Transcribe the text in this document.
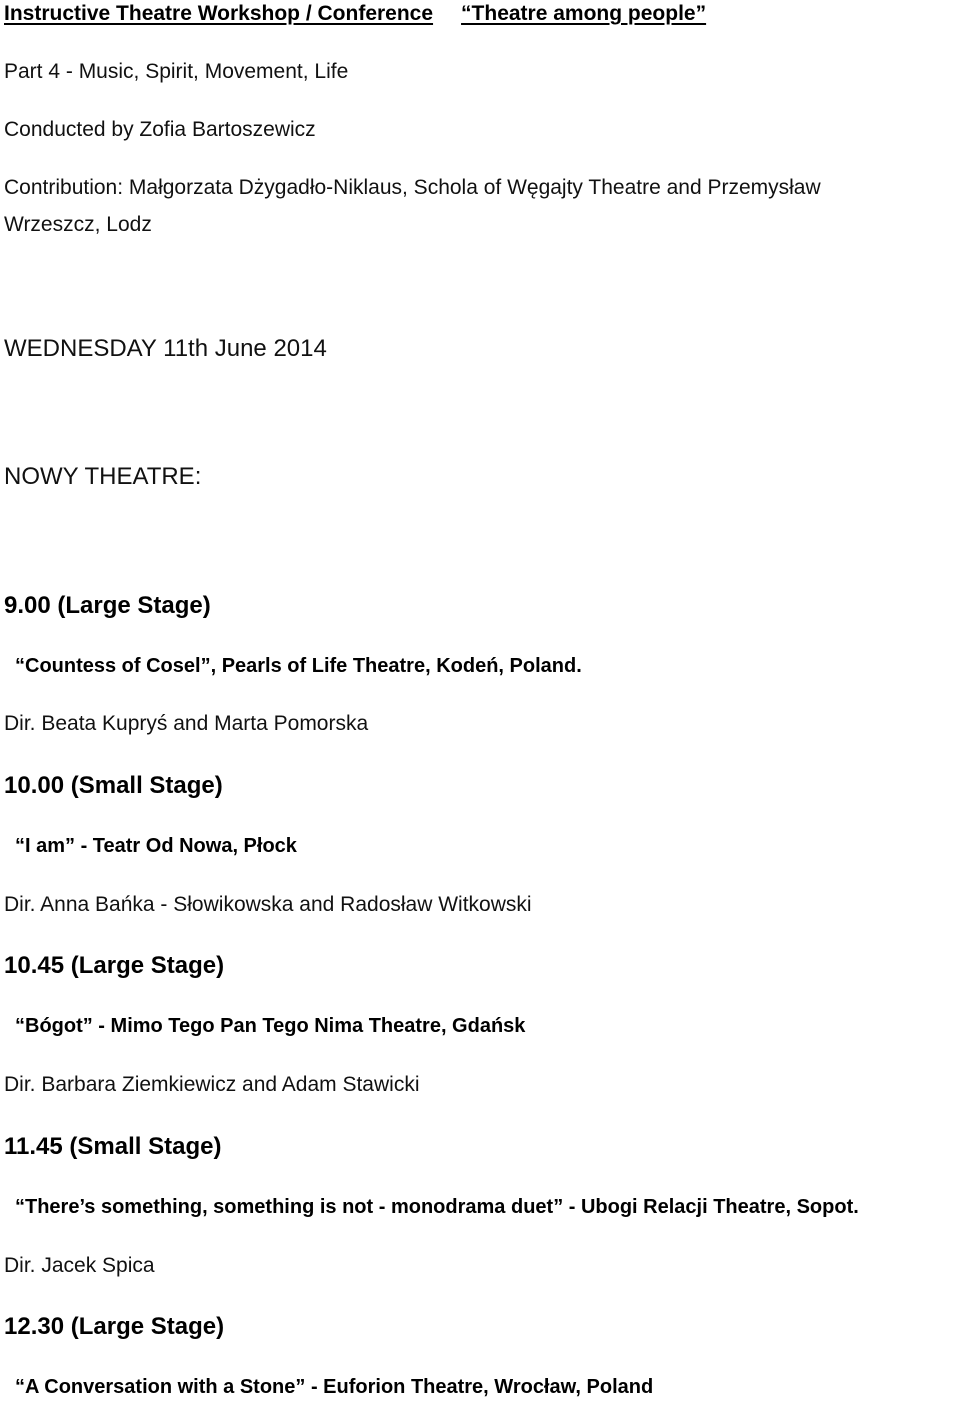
Instructive Theatre Workshop / Conference “Theatre among people”
Part 4 - Music, Spirit, Movement, Life
Conducted by Zofia Bartoszewicz
Contribution: Małgorzata Dżygadło-Niklaus, Schola of Węgajty Theatre and Przemysław
Wrzeszcz, Lodz
WEDNESDAY 11th June 2014
NOWY THEATRE:
9.00 (Large Stage)
“Countess of Cosel”, Pearls of Life Theatre, Kodeń, Poland.
Dir. Beata Kupryś and Marta Pomorska
10.00 (Small Stage)
“I am” - Teatr Od Nowa, Płock
Dir. Anna Bańka - Słowikowska and Radosław Witkowski
10.45 (Large Stage)
“Bógot” - Mimo Tego Pan Tego Nima Theatre, Gdańsk
Dir. Barbara Ziemkiewicz and Adam Stawicki
11.45 (Small Stage)
“There’s something, something is not - monodrama duet” - Ubogi Relacji Theatre, Sopot.
Dir. Jacek Spica
12.30 (Large Stage)
“A Conversation with a Stone” - Euforion Theatre, Wrocław, Poland
